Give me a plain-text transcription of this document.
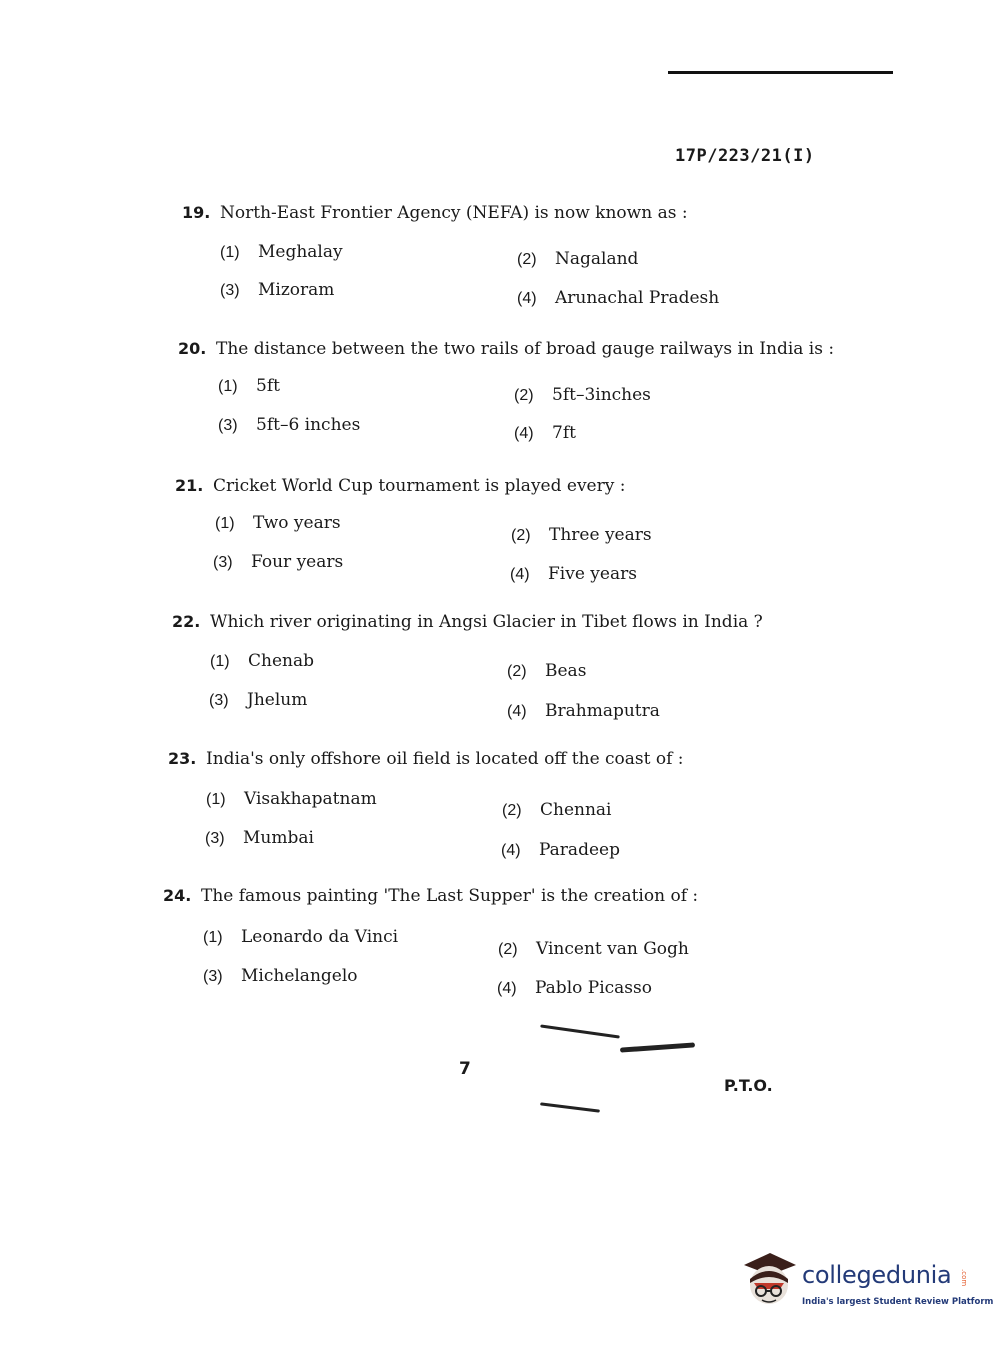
17P/223/21(I)
19. North-East Frontier Agency (NEFA) is now known as :
(1) Meghalay	(2) Nagaland
(3) Mizoram	(4) Arunachal Pradesh
20. The distance between the two rails of broad gauge railways in India is :
(1) 5ft	(2) 5ft–3inches
(3) 5ft–6 inches	(4) 7ft
21. Cricket World Cup tournament is played every :
(1) Two years
(2) Three years
(3) Four years
(4) Five years
22. Which river originating in Angsi Glacier in Tibet flows in India ?
(1) Chenab
(2) Beas
(3) Jhelum
(4) Brahmaputra
23. India's only offshore oil field is located off the coast of :
(1) Visakhapatnam
(2) Chennai
(3) Mumbai
(4) Paradeep
24. The famous painting 'The Last Supper' is the creation of :
(1) Leonardo da Vinci
(2) Vincent van Gogh
(3) Michelangelo
(4) Pablo Picasso
7
P.T.O.
collegedunia .com
India's largest Student Review Platform
